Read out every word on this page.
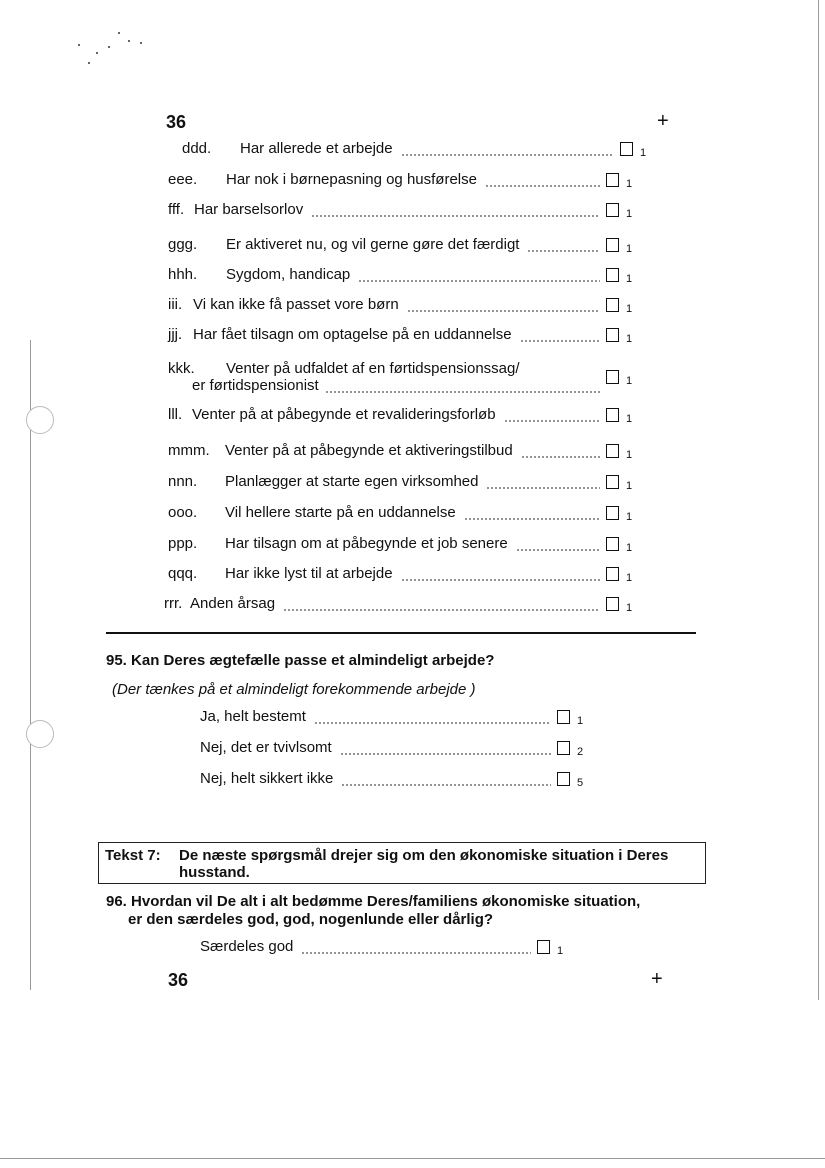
36	+
ddd. Har allerede et arbejde	1
eee. Har nok i børnepasning og husførelse	1
fff. Har barselsorlov	1
ggg. Er aktiveret nu, og vil gerne gøre det færdigt	1
hhh. Sygdom, handicap	1
iii. Vi kan ikke få passet vore børn	1
jjj. Har fået tilsagn om optagelse på en uddannelse	1
kkk. Venter på udfaldet af en førtidspensionssag/
er førtidspensionist	1
lll. Venter på at påbegynde et revalideringsforløb	1
mmm. Venter på at påbegynde et aktiveringstilbud	1
nnn. Planlægger at starte egen virksomhed	1
ooo. Vil hellere starte på en uddannelse	1
ppp. Har tilsagn om at påbegynde et job senere	1
qqq. Har ikke lyst til at arbejde	1
rrr. Anden årsag	1
95. Kan Deres ægtefælle passe et almindeligt arbejde?
(Der tænkes på et almindeligt forekommende arbejde )
Ja, helt bestemt	1
Nej, det er tvivlsomt	2
Nej, helt sikkert ikke	5
Tekst 7: De næste spørgsmål drejer sig om den økonomiske situation i Deres
husstand.
96. Hvordan vil De alt i alt bedømme Deres/familiens økonomiske situation,
er den særdeles god, god, nogenlunde eller dårlig?
Særdeles god	1
36	+
